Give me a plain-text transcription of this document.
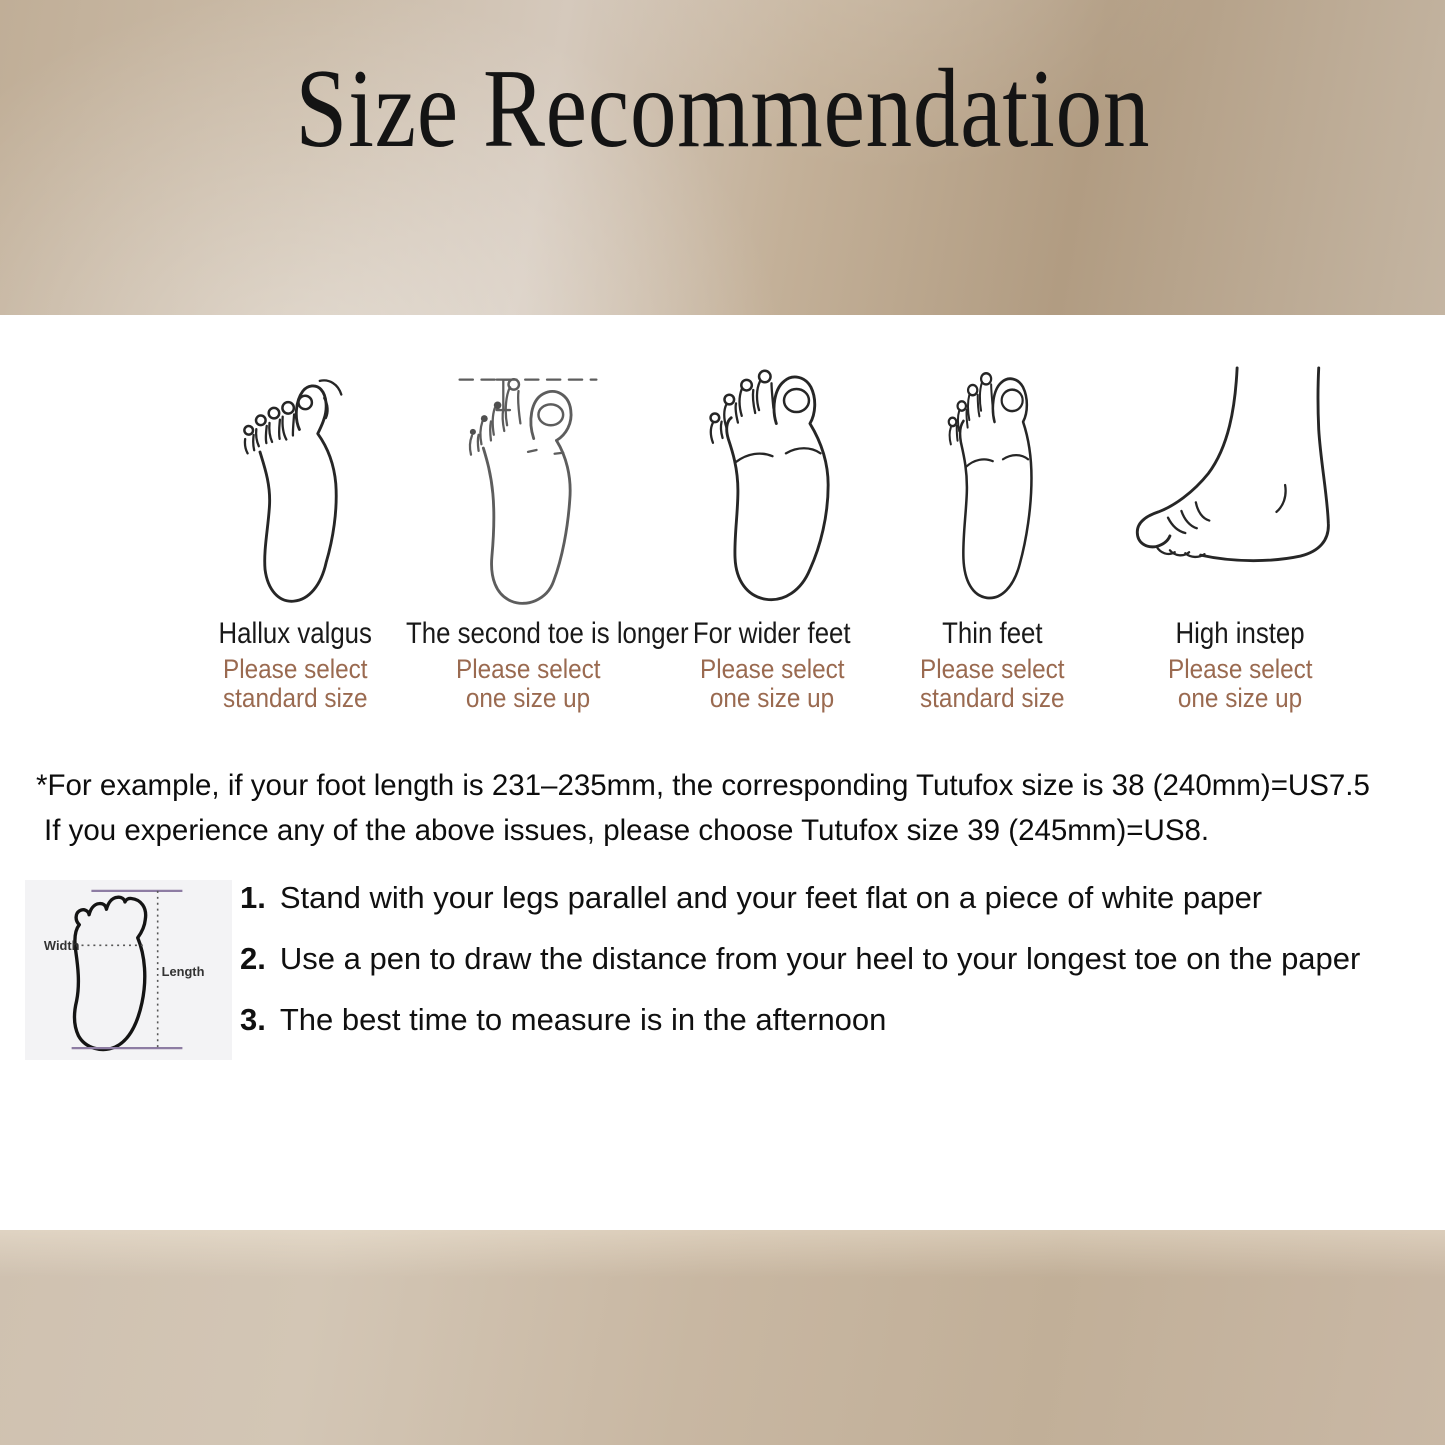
Size Recommendation
Hallux valgus
Please select
standard size
The second toe is longer
Please select
one size up
For wider feet
Please select
one size up
Thin feet
Please select
standard size
High instep
Please select
one size up
*For example, if your foot length is 231–235mm, the corresponding Tutufox size is 38 (240mm)=US7.5
If you experience any of the above issues, please choose Tutufox size 39 (245mm)=US8.
Width
Length
1. Stand with your legs parallel and your feet flat on a piece of white paper
2. Use a pen to draw the distance from your heel to your longest toe on the paper
3. The best time to measure is in the afternoon
